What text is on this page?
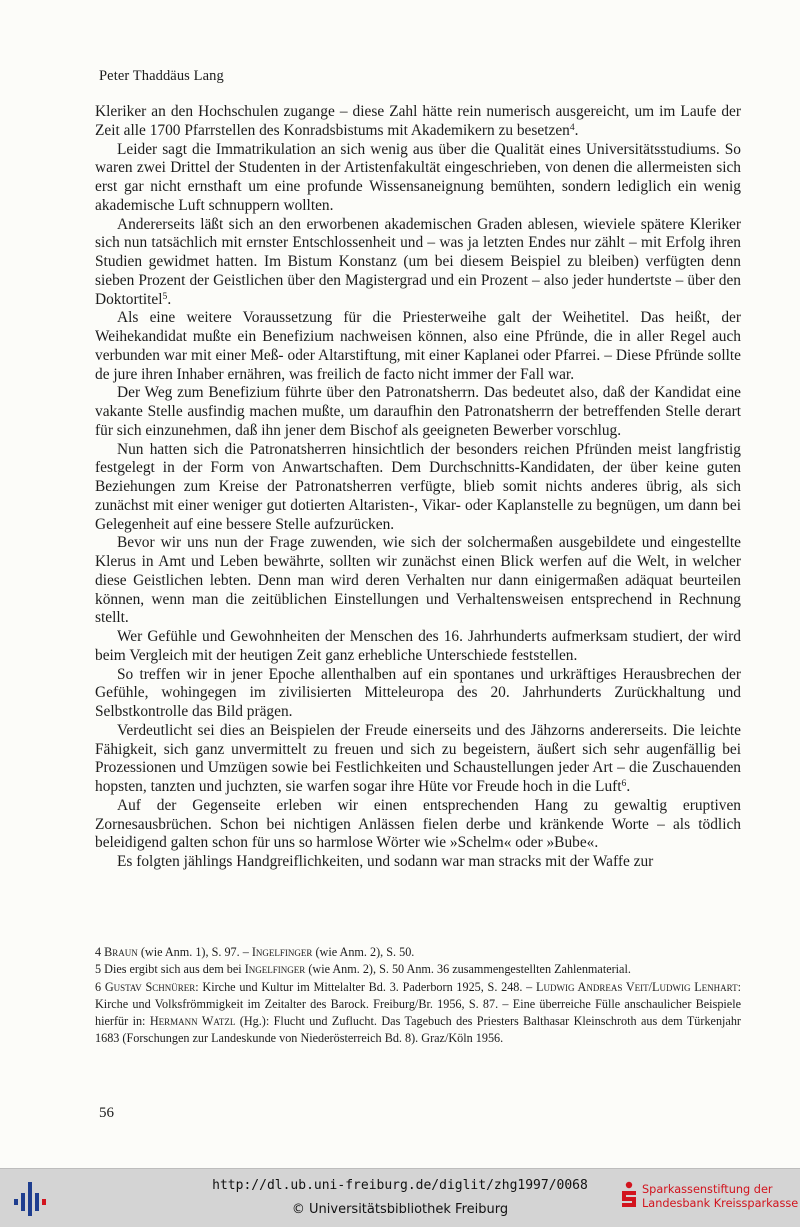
Peter Thaddäus Lang

Kleriker an den Hochschulen zugange – diese Zahl hätte rein numerisch ausgereicht, um im Laufe der Zeit alle 1700 Pfarrstellen des Konradsbistums mit Akademikern zu besetzen$^4$.

Leider sagt die Immatrikulation an sich wenig aus über die Qualität eines Universitätsstudiums. So waren zwei Drittel der Studenten in der Artistenfakultät eingeschrieben, von denen die allermeisten sich erst gar nicht ernsthaft um eine profunde Wissensaneignung bemühten, sondern lediglich ein wenig akademische Luft schnuppern wollten.

Andererseits läßt sich an den erworbenen akademischen Graden ablesen, wieviele spätere Kleriker sich nun tatsächlich mit ernster Entschlossenheit und – was ja letzten Endes nur zählt – mit Erfolg ihren Studien gewidmet hatten. Im Bistum Konstanz (um bei diesem Beispiel zu bleiben) verfügten denn sieben Prozent der Geistlichen über den Magistergrad und ein Prozent – also jeder hundertste – über den Doktortitel$^5$.

Als eine weitere Voraussetzung für die Priesterweihe galt der Weihetitel. Das heißt, der Weihekandidat mußte ein Benefizium nachweisen können, also eine Pfründe, die in aller Regel auch verbunden war mit einer Meß- oder Altarstiftung, mit einer Kaplanei oder Pfarrei. – Diese Pfründe sollte de jure ihren Inhaber ernähren, was freilich de facto nicht immer der Fall war.

Der Weg zum Benefizium führte über den Patronatsherrn. Das bedeutet also, daß der Kandidat eine vakante Stelle ausfindig machen mußte, um daraufhin den Patronatsherrn der betreffenden Stelle derart für sich einzunehmen, daß ihn jener dem Bischof als geeigneten Bewerber vorschlug.

Nun hatten sich die Patronatsherren hinsichtlich der besonders reichen Pfründen meist langfristig festgelegt in der Form von Anwartschaften. Dem Durchschnitts-Kandidaten, der über keine guten Beziehungen zum Kreise der Patronatsherren verfügte, blieb somit nichts anderes übrig, als sich zunächst mit einer weniger gut dotierten Altaristen-, Vikar- oder Kaplanstelle zu begnügen, um dann bei Gelegenheit auf eine bessere Stelle aufzurücken.

Bevor wir uns nun der Frage zuwenden, wie sich der solchermaßen ausgebildete und eingestellte Klerus in Amt und Leben bewährte, sollten wir zunächst einen Blick werfen auf die Welt, in welcher diese Geistlichen lebten. Denn man wird deren Verhalten nur dann einigermaßen adäquat beurteilen können, wenn man die zeitüblichen Einstellungen und Verhaltensweisen entsprechend in Rechnung stellt.

Wer Gefühle und Gewohnheiten der Menschen des 16. Jahrhunderts aufmerksam studiert, der wird beim Vergleich mit der heutigen Zeit ganz erhebliche Unterschiede feststellen.

So treffen wir in jener Epoche allenthalben auf ein spontanes und urkräftiges Herausbrechen der Gefühle, wohingegen im zivilisierten Mitteleuropa des 20. Jahrhunderts Zurückhaltung und Selbstkontrolle das Bild prägen.

Verdeutlicht sei dies an Beispielen der Freude einerseits und des Jähzorns andererseits. Die leichte Fähigkeit, sich ganz unvermittelt zu freuen und sich zu begeistern, äußert sich sehr augenfällig bei Prozessionen und Umzügen sowie bei Festlichkeiten und Schaustellungen jeder Art – die Zuschauenden hopsten, tanzten und juchzten, sie warfen sogar ihre Hüte vor Freude hoch in die Luft$^6$.

Auf der Gegenseite erleben wir einen entsprechenden Hang zu gewaltig eruptiven Zornesausbrüchen. Schon bei nichtigen Anlässen fielen derbe und kränkende Worte – als tödlich beleidigend galten schon für uns so harmlose Wörter wie »Schelm« oder »Bube«.

Es folgten jählings Handgreiflichkeiten, und sodann war man stracks mit der Waffe zur

4 Braun (wie Anm. 1), S. 97. – Ingelfinger (wie Anm. 2), S. 50.

5 Dies ergibt sich aus dem bei Ingelfinger (wie Anm. 2), S. 50 Anm. 36 zusammengestellten Zahlenmaterial.

6 Gustav Schnürer: Kirche und Kultur im Mittelalter Bd. 3. Paderborn 1925, S. 248. – Ludwig Andreas Veit/Ludwig Lenhart: Kirche und Volksfrömmigkeit im Zeitalter des Barock. Freiburg/Br. 1956, S. 87. – Eine überreiche Fülle anschaulicher Beispiele hierfür in: Hermann Watzl (Hg.): Flucht und Zuflucht. Das Tagebuch des Priesters Balthasar Kleinschroth aus dem Türkenjahr 1683 (Forschungen zur Landeskunde von Niederösterreich Bd. 8). Graz/Köln 1956.

56
http://dl.ub.uni-freiburg.de/diglit/zhg1997/0068
© Universitätsbibliothek Freiburg
Sparkassenstiftung der
Landesbank Kreissparkasse
